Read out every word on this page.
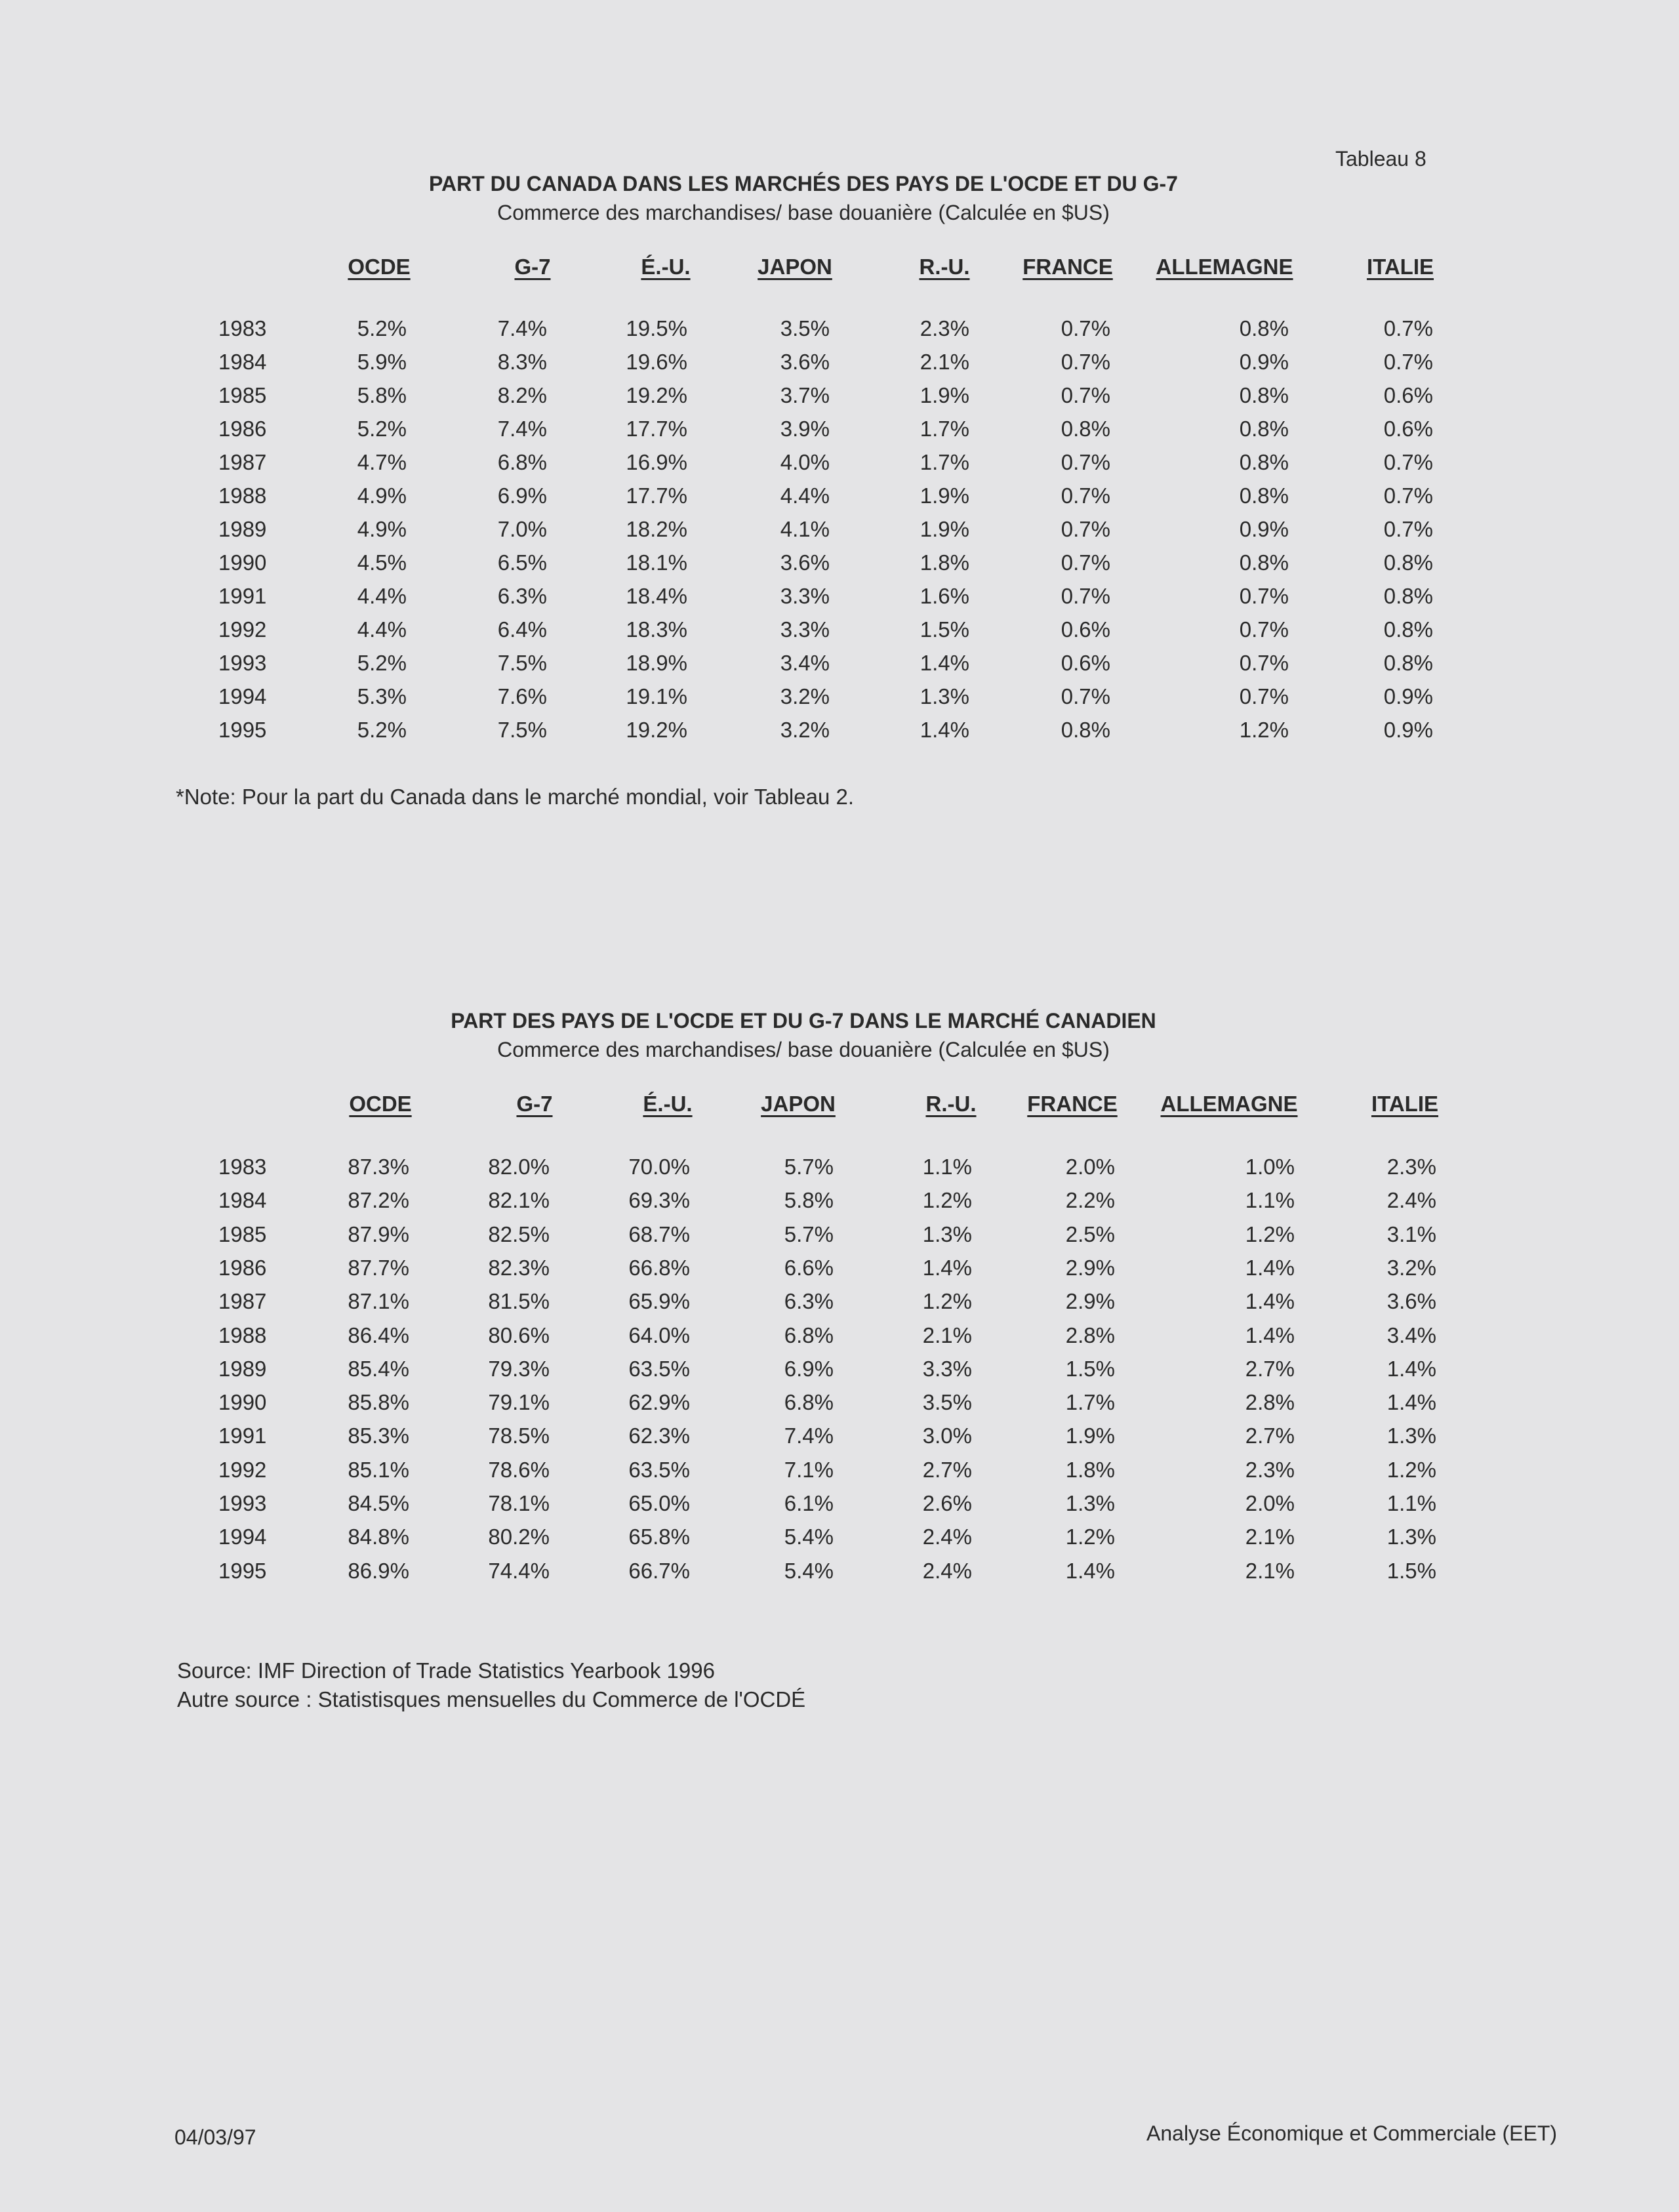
Tableau 8
PART DU CANADA DANS LES MARCHÉS DES PAYS DE L'OCDE ET DU G-7
Commerce des marchandises/ base douanière (Calculée en $US)
OCDE	G-7	É.-U.	JAPON	R.-U.	FRANCE	ALLEMAGNE	ITALIE
1983	5.2%	7.4%	19.5%	3.5%	2.3%	0.7%	0.8%	0.7%
1984	5.9%	8.3%	19.6%	3.6%	2.1%	0.7%	0.9%	0.7%
1985	5.8%	8.2%	19.2%	3.7%	1.9%	0.7%	0.8%	0.6%
1986	5.2%	7.4%	17.7%	3.9%	1.7%	0.8%	0.8%	0.6%
1987	4.7%	6.8%	16.9%	4.0%	1.7%	0.7%	0.8%	0.7%
1988	4.9%	6.9%	17.7%	4.4%	1.9%	0.7%	0.8%	0.7%
1989	4.9%	7.0%	18.2%	4.1%	1.9%	0.7%	0.9%	0.7%
1990	4.5%	6.5%	18.1%	3.6%	1.8%	0.7%	0.8%	0.8%
1991	4.4%	6.3%	18.4%	3.3%	1.6%	0.7%	0.7%	0.8%
1992	4.4%	6.4%	18.3%	3.3%	1.5%	0.6%	0.7%	0.8%
1993	5.2%	7.5%	18.9%	3.4%	1.4%	0.6%	0.7%	0.8%
1994	5.3%	7.6%	19.1%	3.2%	1.3%	0.7%	0.7%	0.9%
1995	5.2%	7.5%	19.2%	3.2%	1.4%	0.8%	1.2%	0.9%
*Note: Pour la part du Canada dans le marché mondial, voir Tableau 2.
PART DES PAYS DE L'OCDE ET DU G-7 DANS LE MARCHÉ CANADIEN
Commerce des marchandises/ base douanière (Calculée en $US)
OCDE	G-7	É.-U.	JAPON	R.-U.	FRANCE	ALLEMAGNE	ITALIE
1983	87.3%	82.0%	70.0%	5.7%	1.1%	2.0%	1.0%	2.3%
1984	87.2%	82.1%	69.3%	5.8%	1.2%	2.2%	1.1%	2.4%
1985	87.9%	82.5%	68.7%	5.7%	1.3%	2.5%	1.2%	3.1%
1986	87.7%	82.3%	66.8%	6.6%	1.4%	2.9%	1.4%	3.2%
1987	87.1%	81.5%	65.9%	6.3%	1.2%	2.9%	1.4%	3.6%
1988	86.4%	80.6%	64.0%	6.8%	2.1%	2.8%	1.4%	3.4%
1989	85.4%	79.3%	63.5%	6.9%	3.3%	1.5%	2.7%	1.4%
1990	85.8%	79.1%	62.9%	6.8%	3.5%	1.7%	2.8%	1.4%
1991	85.3%	78.5%	62.3%	7.4%	3.0%	1.9%	2.7%	1.3%
1992	85.1%	78.6%	63.5%	7.1%	2.7%	1.8%	2.3%	1.2%
1993	84.5%	78.1%	65.0%	6.1%	2.6%	1.3%	2.0%	1.1%
1994	84.8%	80.2%	65.8%	5.4%	2.4%	1.2%	2.1%	1.3%
1995	86.9%	74.4%	66.7%	5.4%	2.4%	1.4%	2.1%	1.5%
Source: IMF Direction of Trade Statistics Yearbook 1996
Autre source : Statistisques mensuelles du Commerce de l'OCDÉ
04/03/97	Analyse Économique et Commerciale (EET)
